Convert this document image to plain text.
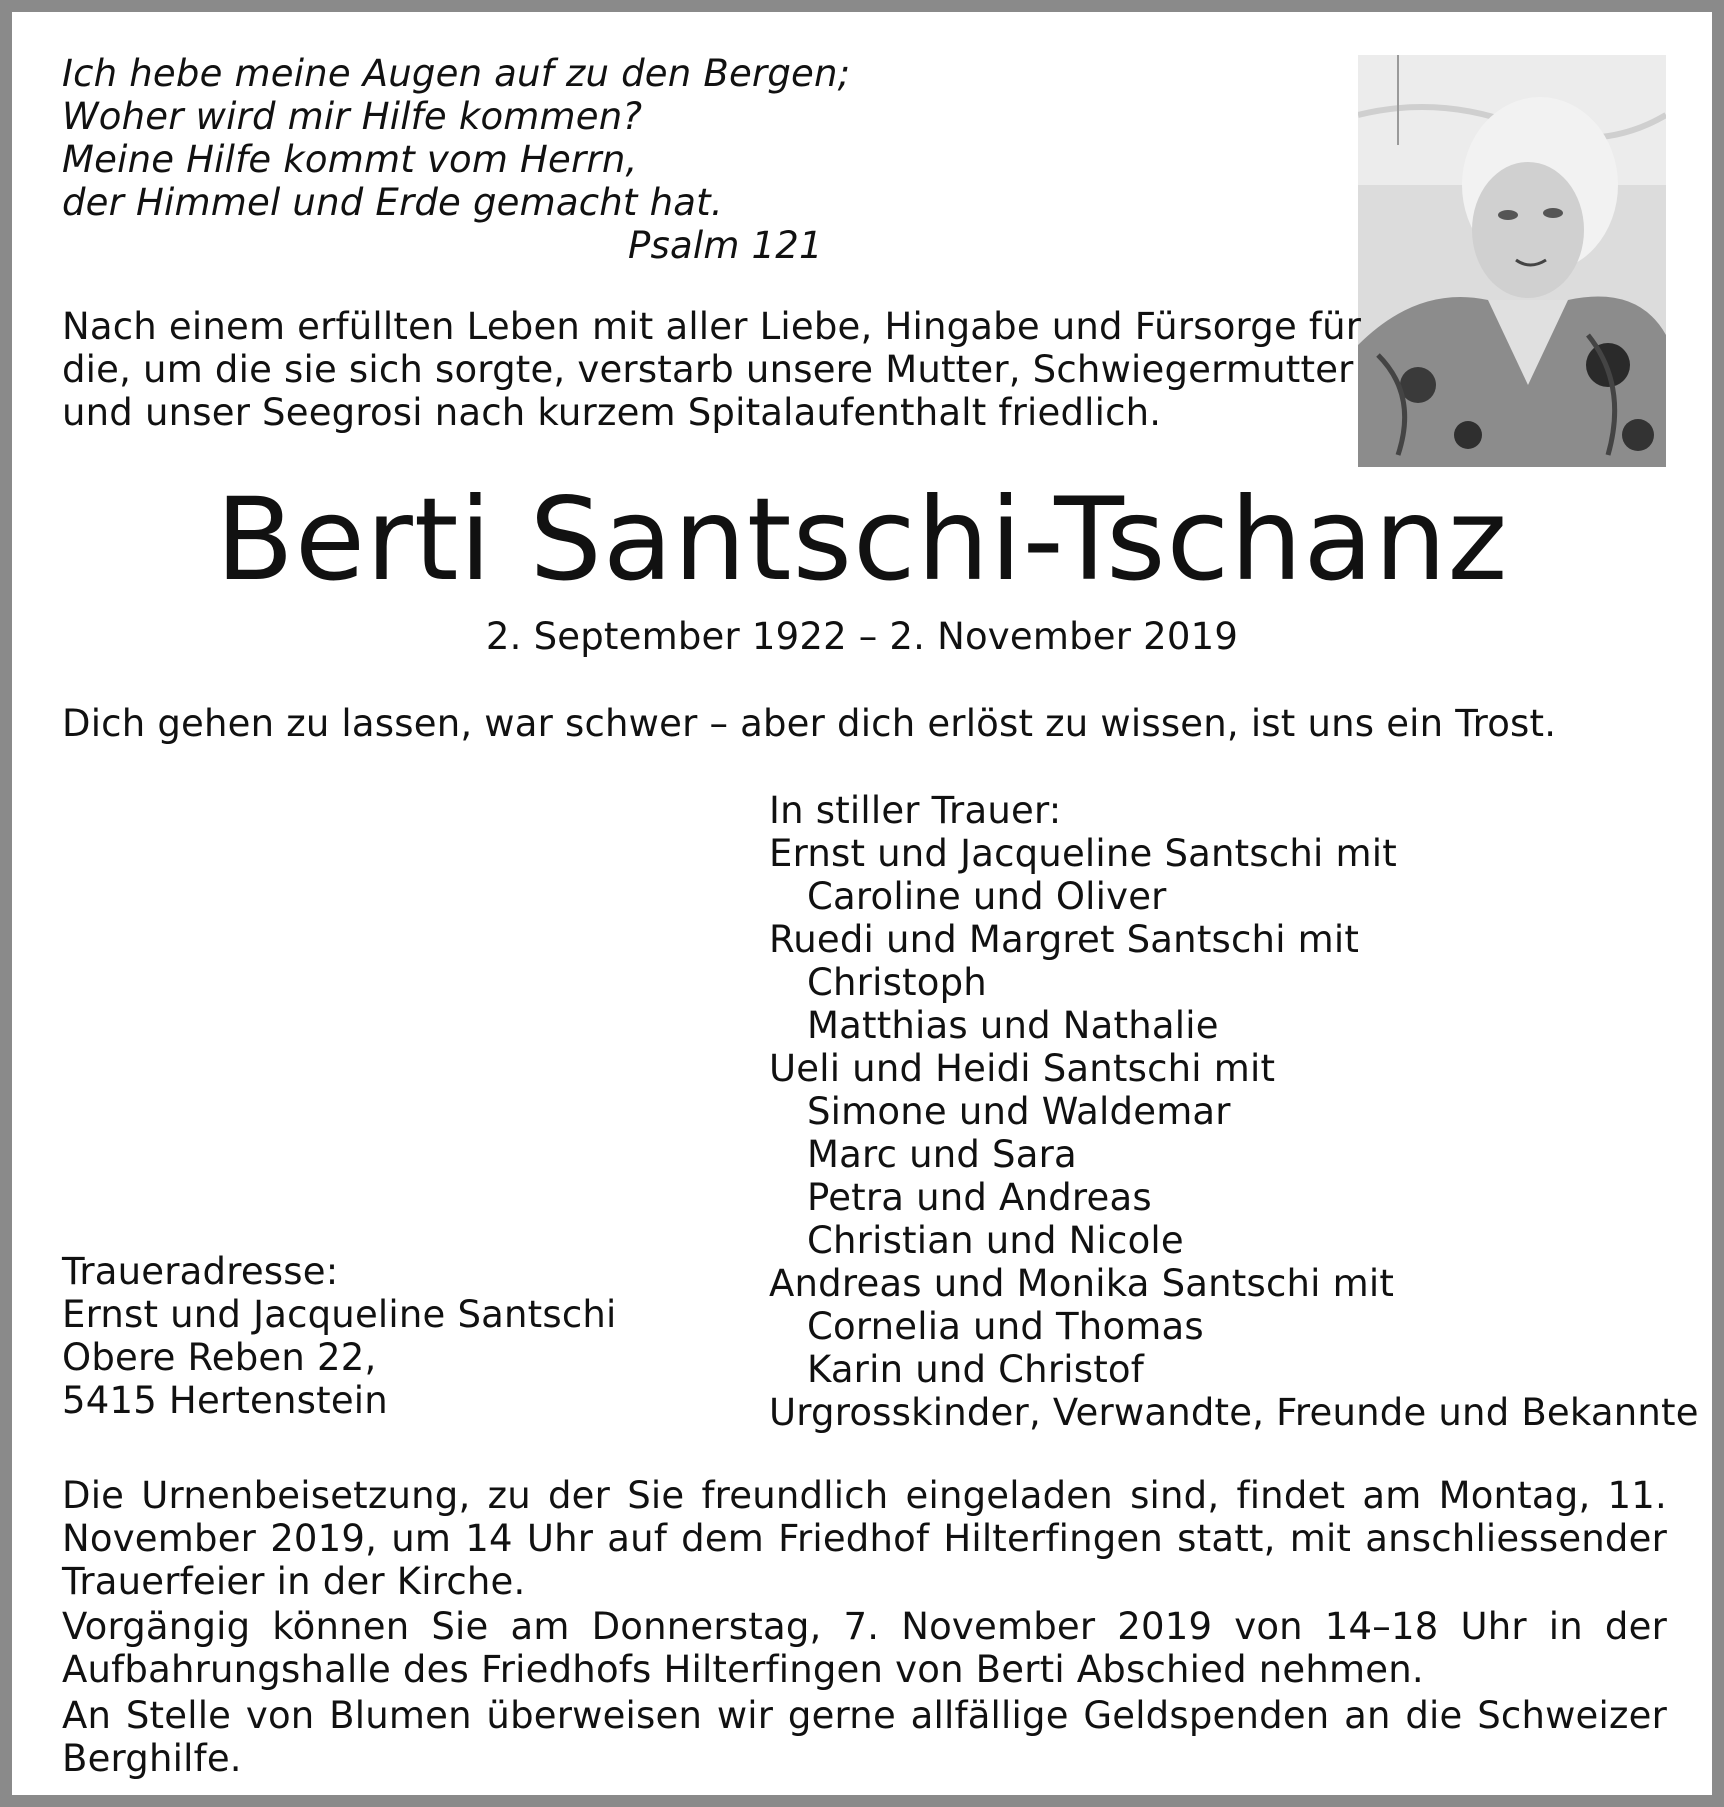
Ich hebe meine Augen auf zu den Bergen;
Woher wird mir Hilfe kommen?
Meine Hilfe kommt vom Herrn,
der Himmel und Erde gemacht hat.
Psalm 121
Nach einem erfüllten Leben mit aller Liebe, Hingabe und Fürsorge für
die, um die sie sich sorgte, verstarb unsere Mutter, Schwiegermutter
und unser Seegrosi nach kurzem Spitalaufenthalt friedlich.
Berti Santschi-Tschanz
2. September 1922 – 2. November 2019
Dich gehen zu lassen, war schwer – aber dich erlöst zu wissen, ist uns ein Trost.
In stiller Trauer:
Ernst und Jacqueline Santschi mit
Caroline und Oliver
Ruedi und Margret Santschi mit
Christoph
Matthias und Nathalie
Ueli und Heidi Santschi mit
Simone und Waldemar
Marc und Sara
Petra und Andreas
Christian und Nicole
Andreas und Monika Santschi mit
Cornelia und Thomas
Karin und Christof
Urgrosskinder, Verwandte, Freunde und Bekannte
Traueradresse:
Ernst und Jacqueline Santschi
Obere Reben 22,
5415 Hertenstein

Die Urnenbeisetzung, zu der Sie freundlich eingeladen sind, findet am Montag, 11. November 2019, um 14 Uhr auf dem Friedhof Hilterfingen statt, mit anschliessender Trauerfeier in der Kirche.

Vorgängig können Sie am Donnerstag, 7. November 2019 von 14–18 Uhr in der Aufbahrungshalle des Friedhofs Hilterfingen von Berti Abschied nehmen.

An Stelle von Blumen überweisen wir gerne allfällige Geldspenden an die Schweizer Berghilfe.
